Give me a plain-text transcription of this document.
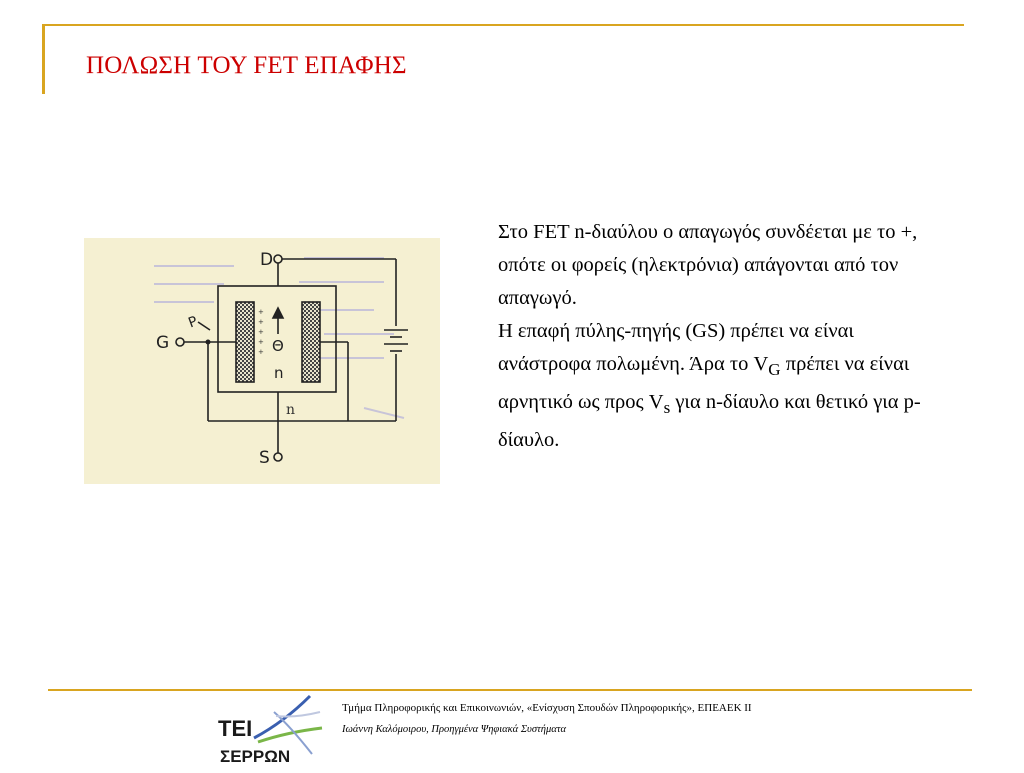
ΠΟΛΩΣΗ ΤΟΥ FET ΕΠΑΦΗΣ
+
+
+
+
+
D
G
S
n
Θ
n
P

Στο FET n-διαύλου ο απαγωγός συνδέεται με το +, οπότε οι φορείς (ηλεκτρόνια) απάγονται από τον απαγωγό.

Η επαφή πύλης-πηγής (GS) πρέπει να είναι ανάστροφα πολωμένη. Άρα το $V_G$ πρέπει να είναι αρνητικό ως προς $V_s$ για n-δίαυλο και θετικό για p-δίαυλο.

ΤΕΙ
ΣΕΡΡΩΝ
Τμήμα Πληροφορικής και Επικοινωνιών, «Ενίσχυση Σπουδών Πληροφορικής», ΕΠΕΑΕΚ ΙΙ
Ιωάννη Καλόμοιρου, Προηγμένα Ψηφιακά Συστήματα
